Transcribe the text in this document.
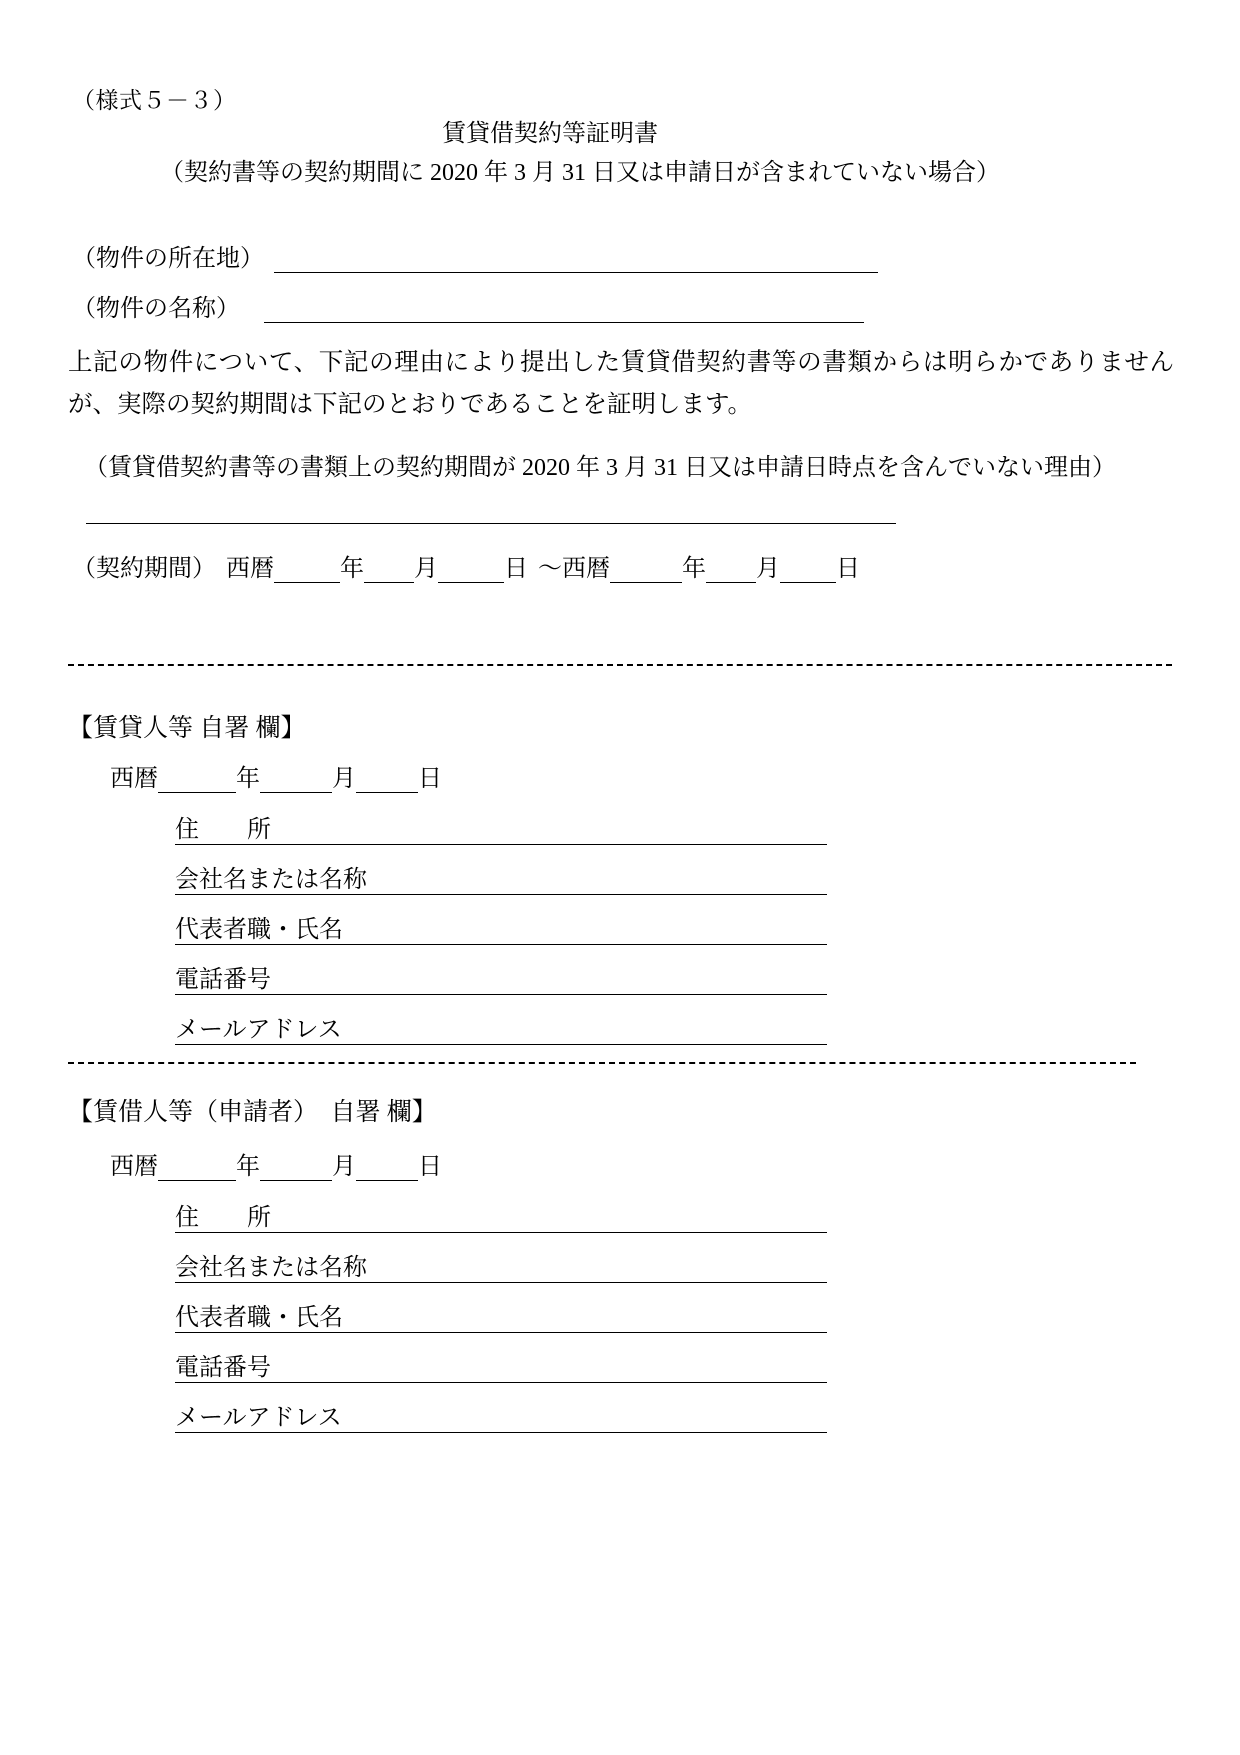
（様式５－３）
賃貸借契約等証明書
（契約書等の契約期間に 2020 年 3 月 31 日又は申請日が含まれていない場合）
（物件の所在地）
（物件の名称）
上記の物件について、下記の理由により提出した賃貸借契約書等の書類からは明らかでありませんが、実際の契約期間は下記のとおりであることを証明します。
（賃貸借契約書等の書類上の契約期間が 2020 年 3 月 31 日又は申請日時点を含んでいない理由）
（契約期間） 西暦	年 月	日 ～ 西暦	年 月 日
【賃貸人等 自署 欄】
西暦	年	月	日
住　　所
会社名または名称
代表者職・氏名
電話番号
メールアドレス
【賃借人等（申請者）　自署 欄】
西暦	年	月	日
住　　所
会社名または名称
代表者職・氏名
電話番号
メールアドレス
